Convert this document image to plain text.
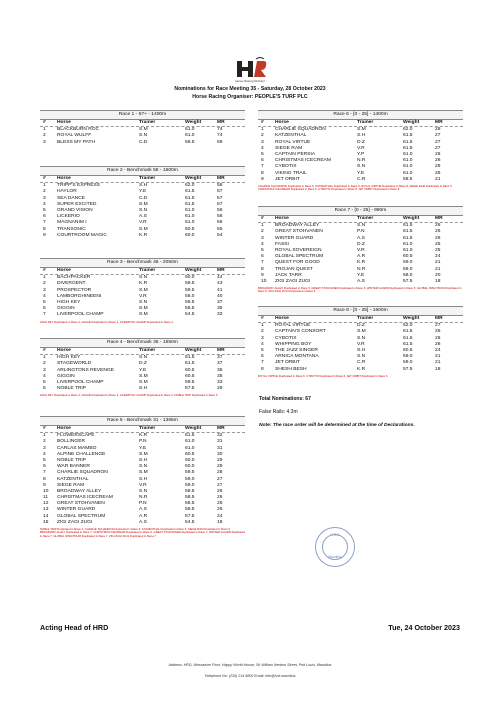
Horse Racing Division
Nominations for Race Meeting 35 - Saturday, 28 October 2023
Horse Racing Organiser: PEOPLE'S TURF PLC
Race 1 - 67+ - 1400m
#	Horse	Trainer	Weight	MR
1	BLACKBURN ROC	S.M	61.0	74
2	ROYAL WULFF	S.N	61.0	74
3	BLESS MY PATH	C.D	58.5	69
Race 2 - Benchmark 56 - 1600m
#	Horse	Trainer	Weight	MR
1	TRIPP'S EXPRESS	S.H	62.0	58
2	HAYLOR	Y.E	61.5	57
3	SEA DANCE	C.D	61.5	57
4	SUPER EXCITED	S.M	61.5	57
5	GRAND VISION	S.N	61.0	56
6	LICKERIO	A.S	61.0	56
7	MAGNANIM I	V.R	61.0	56
8	TRANSONIC	S.M	60.5	55
9	COURTROOM MAGIC	K.R	60.0	54
Race 3 - Benchmark 46 - 2050m
#	Horse	Trainer	Weight	MR
1	BACHPACKER	S.N	60.0	44
2	DIVERGENT	K.R	59.5	43
3	PROSPECTOR	S.M	59.5	41
4	LAMBORGHINEENI	V.R	58.0	40
5	HIGH KEY	S.N	56.5	37
6	GIGGIN	S.M	55.5	35
7	LIVERPOOL CHAMP	S.M	54.5	33
HIGH KEY Duplicated in Race 4. GIGGIN Duplicated in Race 4. LIVERPOOL CHAMP Duplicated in Race 4
Race 4 - Benchmark 36 - 1650m
#	Horse	Trainer	Weight	MR
1	HIGH KEY	S.N	61.5	37
2	STAGEWORLD	D.Z	61.5	37
3	ARLINGTONS REVENGE	Y.E	60.5	36
4	GIGGIN	S.M	60.5	35
5	LIVERPOOL CHAMP	S.M	59.5	33
6	NOBLE TRIP	S.H	57.5	28
HIGH KEY Duplicated in Race 3. GIGGIN Duplicated in Race 3. LIVERPOOL CHAMP Duplicated in Race 3. NOBLE TRIP Duplicated in Race 5
Race 5 - Benchmark 31 - 1365m
#	Horse	Trainer	Weight	MR
1	FLOWERSCAPE	K.R	61.5	32
2	BOLLINGER	P.N	61.0	31
3	CARLAS MAMBO	Y.E	61.0	31
4	ALPINE CHALLENGE	S.M	60.5	30
5	NOBLE TRIP	S.H	60.0	29
6	WAR BANNER	S.N	60.0	29
7	CHARLIE SQUADRON	S.M	59.5	28
8	KATZENTHAL	S.H	59.0	27
9	SIEGE RAM	V.R	59.0	27
10	BROADWAY ALLEY	S.N	58.5	26
11	CHRISTMAS ICECREAM	N.R	58.5	26
12	GREAT STOHVANEN	P.N	58.5	26
13	WINTER GUARD	A.S	58.5	26
14	GLOBAL SPECTRUM	A.R	57.5	24
15	ZIGI ZAGI ZUGI	A.S	54.5	18
NOBLE TRIP Duplicated in Race 4. CHARLIE SQUADRON Duplicated in Race 6. KATZENTHAL Duplicated in Race 6. SIEGE RAM Duplicated in Race 6. BROADWAY ALLEY Duplicated in Race 7. CHRISTMAS ICECREAM Duplicated in Race 6. GREAT STOHVANEN Duplicated in Race 7. WINTER GUARD Duplicated in Race 7. GLOBAL SPECTRUM Duplicated in Race 7. ZIGI ZAGI ZUGI Duplicated in Race 7
Race 6 - [0 - 25] - 1400m
#	Horse	Trainer	Weight	MR
1	CHARLIE SQUADRON	S.M	62.0	28
2	KATZENTHAL	S.H	61.5	27
3	ROYAL VIRTUE	D.Z	61.5	27
4	SIEGE RAM	V.R	61.5	27
5	CAPTAIN PERSIA	Y.P	61.0	26
6	CHRISTMAS ICECREAM	N.R	61.0	26
7	CYBOTIX	S.N	61.0	26
8	VIKING TRAIL	Y.E	61.0	26
9	JET ORBIT	C.R	58.5	21
CHARLIE SQUADRON Duplicated in Race 5. KATZENTHAL Duplicated in Race 5. ROYAL VIRTUE Duplicated in Race 8. SIEGE RAM Duplicated in Race 5. CHRISTMAS ICECREAM Duplicated in Race 5. CYBOTIX Duplicated in Race 8. JET ORBIT Duplicated in Race 8
Race 7 - [0 - 25] - 990m
#	Horse	Trainer	Weight	MR
1	BROADWAY ALLEY	S.N	61.5	26
2	GREAT STOHVANEN	P.N	61.5	26
3	WINTER GUARD	A.S	61.5	26
4	FASSI	D.Z	61.0	25
5	ROYAL SOVEREIGN	V.R	61.0	25
6	GLOBAL SPECTRUM	A.R	60.5	24
7	QUEST FOR GOOD	K.R	59.0	21
8	TROJAN QUEST	N.R	59.0	21
9	JACK TARR	Y.E	58.0	20
10	ZIGI ZAGI ZUGI	A.S	57.5	18
BROADWAY ALLEY Duplicated in Race 5. GREAT STOHVANEN Duplicated in Race 5. WINTER GUARD Duplicated in Race 5. GLOBAL SPECTRUM Duplicated in Race 5. ZIGI ZAGI ZUGI Duplicated in Race 5
Race 8 - [0 - 25] - 1600m
#	Horse	Trainer	Weight	MR
1	ROYAL VIRTUE	D.Z	62.0	27
2	CAPTAIN'S CONSORT	S.M	61.5	26
3	CYBOTIX	S.N	61.5	26
4	WHIPPING BOY	V.R	61.5	26
5	THE JAZZ SINGER	S.H	60.5	24
6	ARNICA MONTANA	S.N	59.0	21
7	JET ORBIT	C.R	59.0	21
8	SHESH BESH	K.R	57.5	18
ROYAL VIRTUE Duplicated in Race 6. CYBOTIX Duplicated in Race 6. JET ORBIT Duplicated in Race 6
Total Nominations: 67
False Rails: 4.3m
Note: The race order will be determined at the time of Declarations.
H.R.D
Mauritius
Acting Head of HRD	Tue, 24 October 2023
Address: HRD, Mezzanine Floor, Happy World House, Sir William Newton Street, Port Louis, Mauritius
Telephone No: (230) 214 9800 Email: info@hrd.mauritius
